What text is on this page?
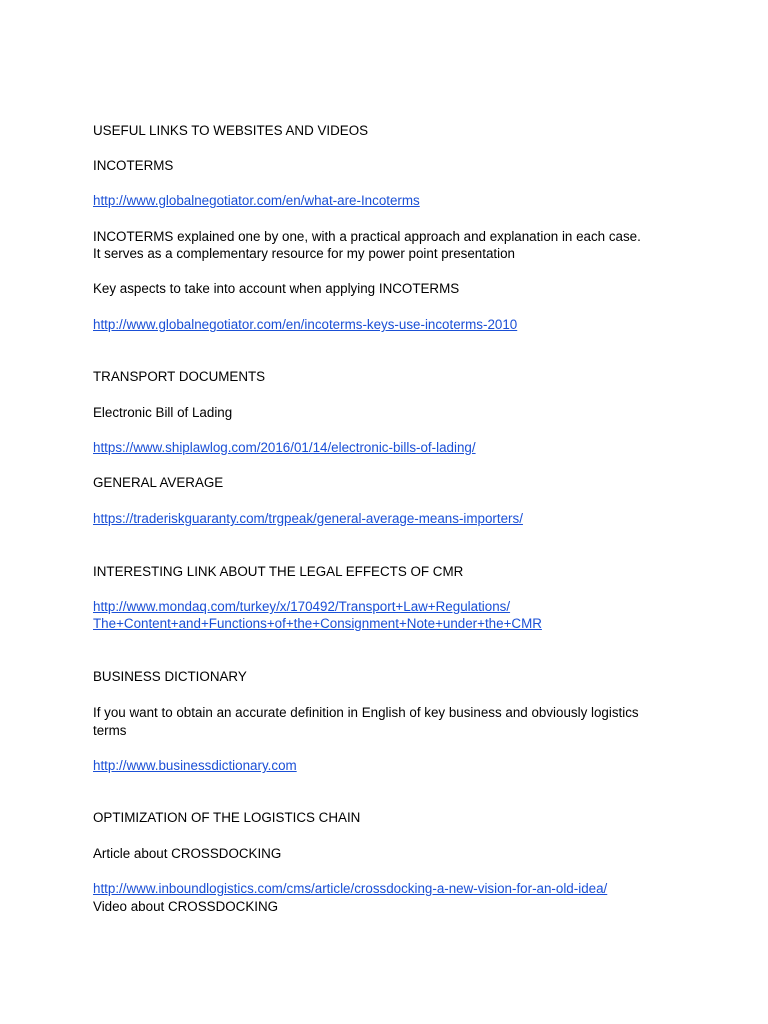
USEFUL LINKS TO WEBSITES AND VIDEOS
INCOTERMS
http://www.globalnegotiator.com/en/what-are-Incoterms
INCOTERMS explained one by one, with a practical approach and explanation in each case.
It serves as a complementary resource for my power point presentation
Key aspects to take into account when applying INCOTERMS
http://www.globalnegotiator.com/en/incoterms-keys-use-incoterms-2010
TRANSPORT DOCUMENTS
Electronic Bill of Lading
https://www.shiplawlog.com/2016/01/14/electronic-bills-of-lading/
GENERAL AVERAGE
https://traderiskguaranty.com/trgpeak/general-average-means-importers/
INTERESTING LINK ABOUT THE LEGAL EFFECTS OF CMR
http://www.mondaq.com/turkey/x/170492/Transport+Law+Regulations/
The+Content+and+Functions+of+the+Consignment+Note+under+the+CMR
BUSINESS DICTIONARY
If you want to obtain an accurate definition in English of key business and obviously logistics
terms
http://www.businessdictionary.com
OPTIMIZATION OF THE LOGISTICS CHAIN
Article about CROSSDOCKING
http://www.inboundlogistics.com/cms/article/crossdocking-a-new-vision-for-an-old-idea/
Video about CROSSDOCKING
